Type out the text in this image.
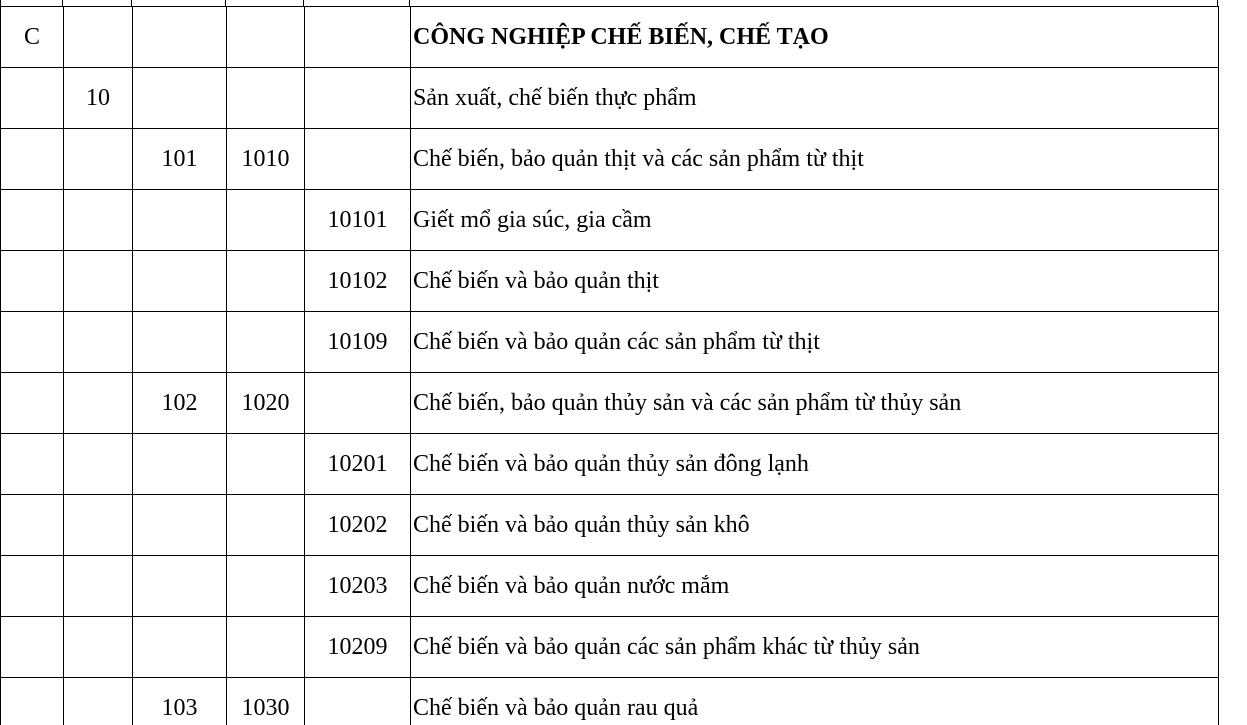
C					CÔNG NGHIỆP CHẾ BIẾN, CHẾ TẠO
	10				Sản xuất, chế biến thực phẩm
		101	1010		Chế biến, bảo quản thịt và các sản phẩm từ thịt
				10101	Giết mổ gia súc, gia cầm
				10102	Chế biến và bảo quản thịt
				10109	Chế biến và bảo quản các sản phẩm từ thịt
		102	1020		Chế biến, bảo quản thủy sản và các sản phẩm từ thủy sản
				10201	Chế biến và bảo quản thủy sản đông lạnh
				10202	Chế biến và bảo quản thủy sản khô
				10203	Chế biến và bảo quản nước mắm
				10209	Chế biến và bảo quản các sản phẩm khác từ thủy sản
		103	1030		Chế biến và bảo quản rau quả
